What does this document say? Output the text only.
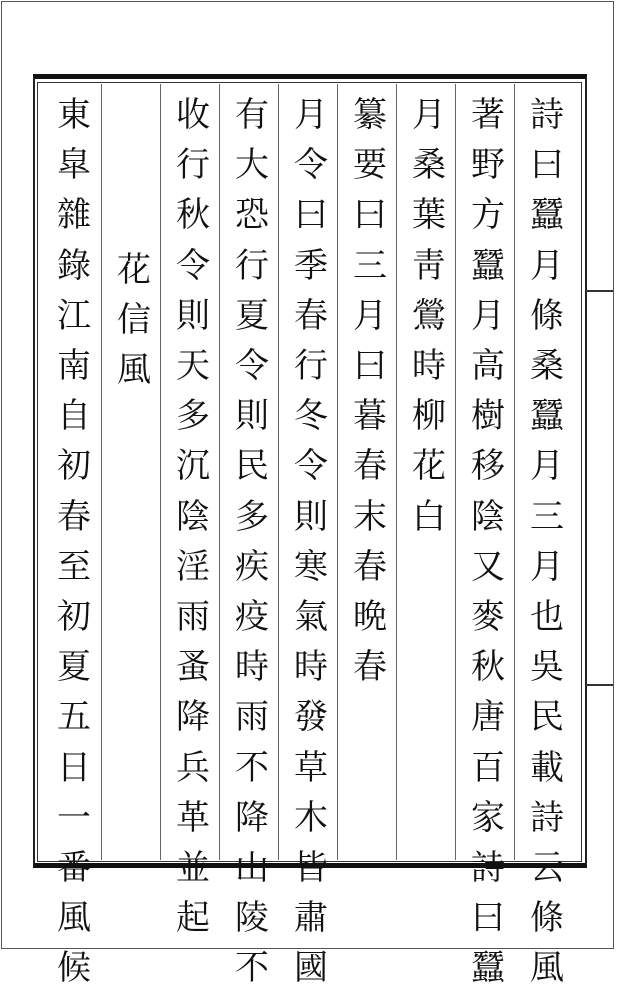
詩曰蠶月條桑蠶月三月也吳民載詩云條風
著野方蠶月高樹移陰又麥秋唐百家詩曰蠶
月桑葉靑鶯時柳花白
纂要曰三月曰暮春末春晩春
月令曰季春行冬令則寒氣時發草木皆肅國
有大恐行夏令則民多疾疫時雨不降山陵不
收行秋令則天多沉陰淫雨蚤降兵革並起
花信風
東皐雜錄江南自初春至初夏五日一番風候
